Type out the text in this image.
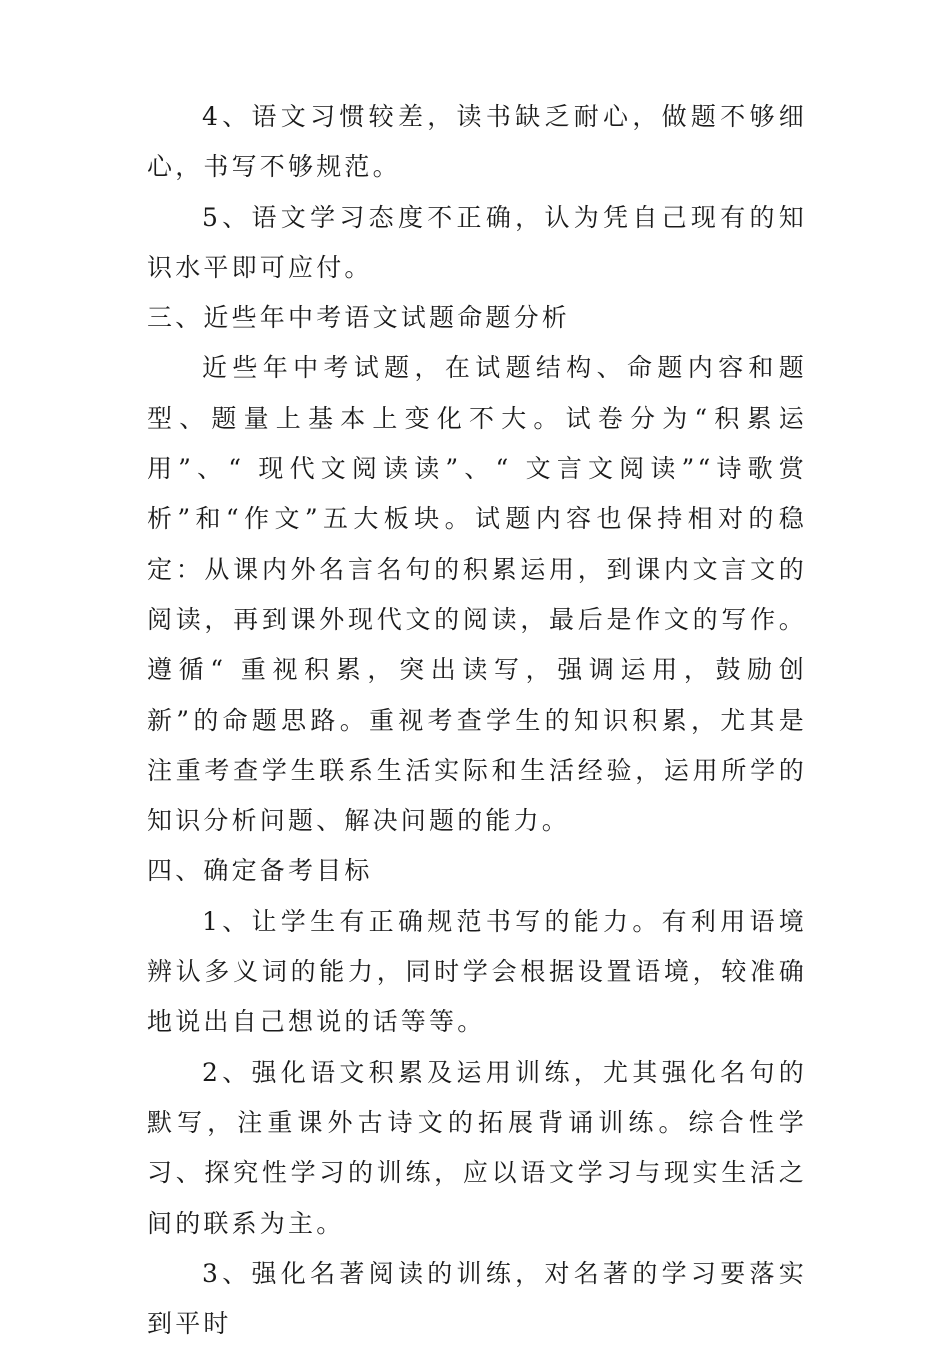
4、语文习惯较差，读书缺乏耐心，做题不够细心，书写不够规范。

5、语文学习态度不正确，认为凭自己现有的知识水平即可应付。

三、近些年中考语文试题命题分析

近些年中考试题，在试题结构、命题内容和题型、题量上基本上变化不大。试卷分为“积累运用”、“ 现代文阅读读”、“ 文言文阅读”“诗歌赏析”和“作文”五大板块。试题内容也保持相对的稳定：从课内外名言名句的积累运用，到课内文言文的阅读，再到课外现代文的阅读，最后是作文的写作。遵循“ 重视积累，突出读写，强调运用，鼓励创新”的命题思路。重视考查学生的知识积累，尤其是注重考查学生联系生活实际和生活经验，运用所学的知识分析问题、解决问题的能力。

四、确定备考目标

1、让学生有正确规范书写的能力。有利用语境辨认多义词的能力，同时学会根据设置语境，较准确地说出自己想说的话等等。

2、强化语文积累及运用训练，尤其强化名句的默写，注重课外古诗文的拓展背诵训练。综合性学习、探究性学习的训练，应以语文学习与现实生活之间的联系为主。

3、强化名著阅读的训练，对名著的学习要落实到平时
